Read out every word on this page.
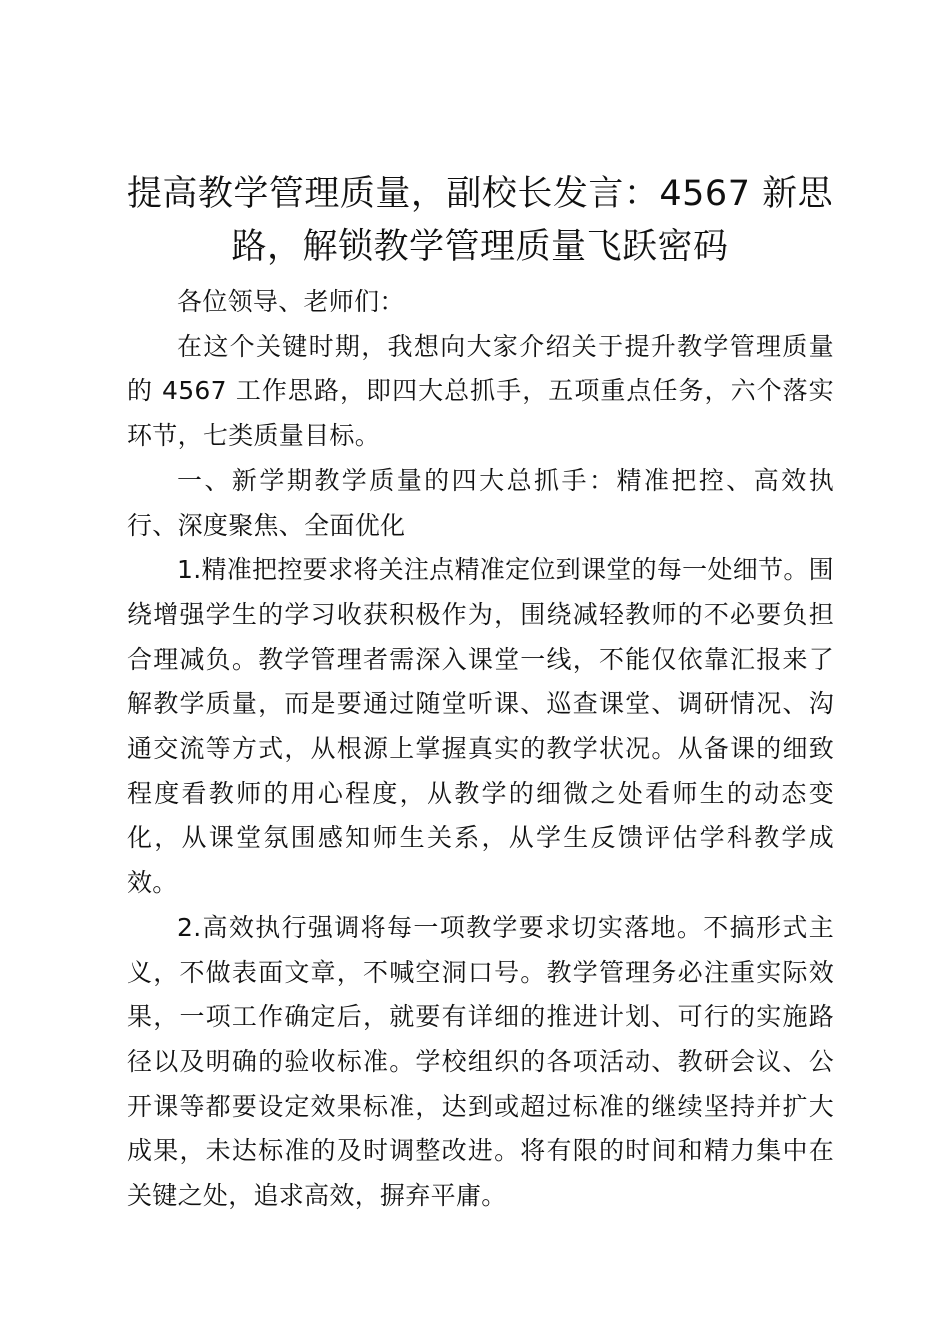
提高教学管理质量，副校长发言：4567 新思路，解锁教学管理质量飞跃密码

各位领导、老师们：

在这个关键时期，我想向大家介绍关于提升教学管理质量的 4567 工作思路，即四大总抓手，五项重点任务，六个落实环节，七类质量目标。

一、新学期教学质量的四大总抓手：精准把控、高效执行、深度聚焦、全面优化

1.精准把控要求将关注点精准定位到课堂的每一处细节。围绕增强学生的学习收获积极作为，围绕减轻教师的不必要负担合理减负。教学管理者需深入课堂一线，不能仅依靠汇报来了解教学质量，而是要通过随堂听课、巡查课堂、调研情况、沟通交流等方式，从根源上掌握真实的教学状况。从备课的细致程度看教师的用心程度，从教学的细微之处看师生的动态变化，从课堂氛围感知师生关系，从学生反馈评估学科教学成效。

2.高效执行强调将每一项教学要求切实落地。不搞形式主义，不做表面文章，不喊空洞口号。教学管理务必注重实际效果，一项工作确定后，就要有详细的推进计划、可行的实施路径以及明确的验收标准。学校组织的各项活动、教研会议、公开课等都要设定效果标准，达到或超过标准的继续坚持并扩大成果，未达标准的及时调整改进。将有限的时间和精力集中在关键之处，追求高效，摒弃平庸。
